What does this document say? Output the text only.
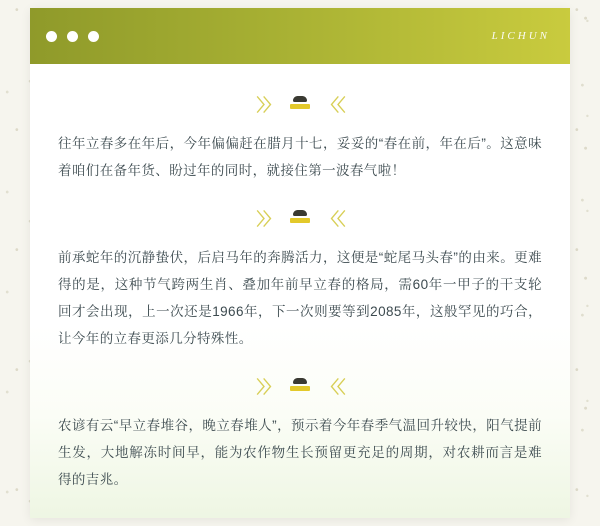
LICHUN
〉〉	〈〈

往年立春多在年后，今年偏偏赶在腊月十七，妥妥的“春在前，年在后”。这意味着咱们在备年货、盼过年的同时，就接住第一波春气啦！

〉〉	〈〈

前承蛇年的沉静蛰伏，后启马年的奔腾活力，这便是“蛇尾马头春”的由来。更难得的是，这种节气跨两生肖、叠加年前早立春的格局，需60年一甲子的干支轮回才会出现，上一次还是1966年，下一次则要等到2085年，这般罕见的巧合，让今年的立春更添几分特殊性。

〉〉	〈〈

农谚有云“早立春堆谷，晚立春堆人”，预示着今年春季气温回升较快，阳气提前生发，大地解冻时间早，能为农作物生长预留更充足的周期，对农耕而言是难得的吉兆。
